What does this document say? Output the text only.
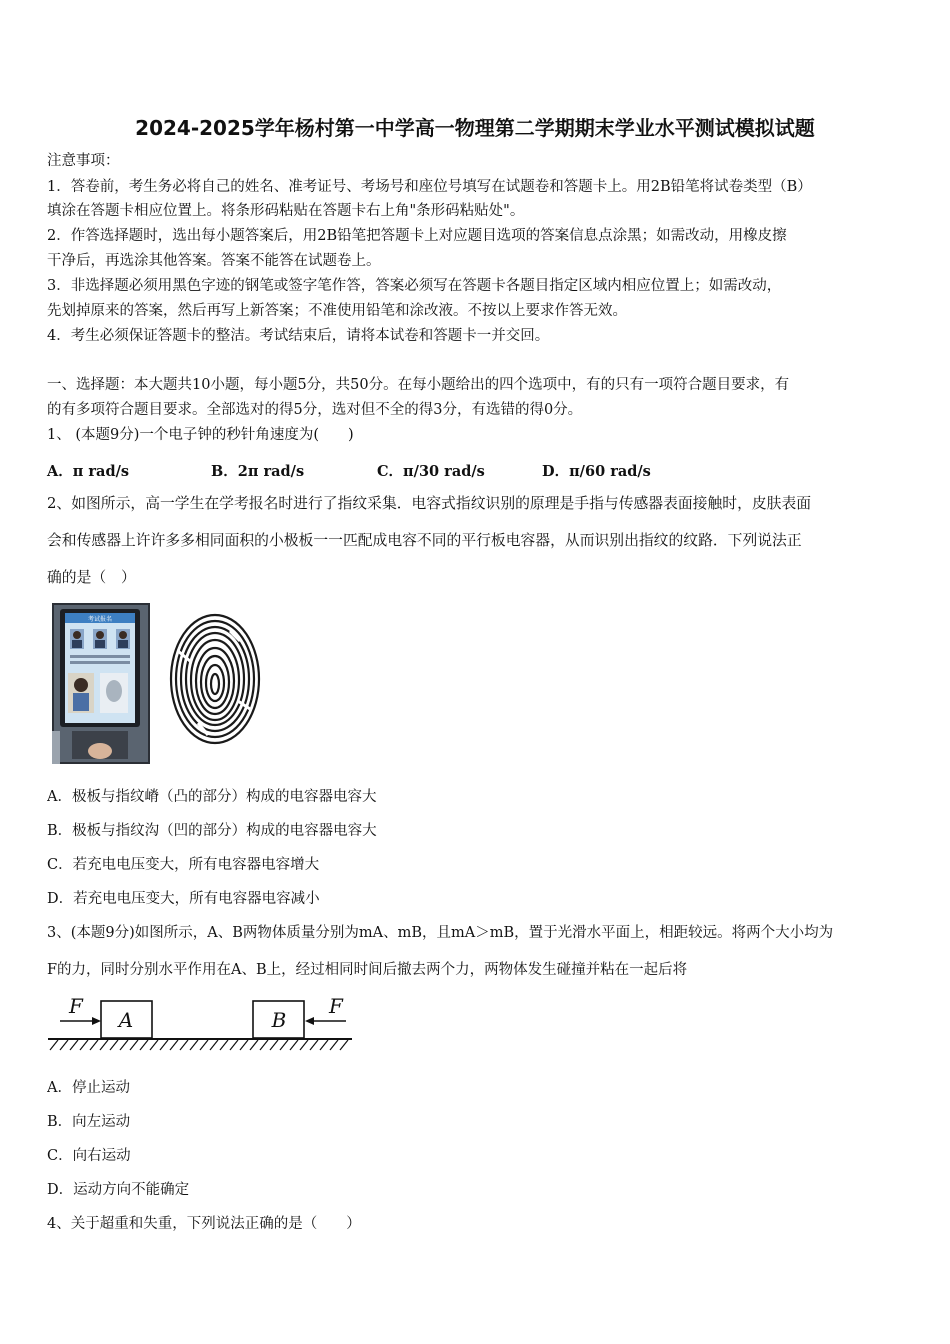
2024-2025学年杨村第一中学高一物理第二学期期末学业水平测试模拟试题
注意事项：
1．答卷前，考生务必将自己的姓名、准考证号、考场号和座位号填写在试题卷和答题卡上。用2B铅笔将试卷类型（B）
填涂在答题卡相应位置上。将条形码粘贴在答题卡右上角"条形码粘贴处"。
2．作答选择题时，选出每小题答案后，用2B铅笔把答题卡上对应题目选项的答案信息点涂黑；如需改动，用橡皮擦
干净后，再选涂其他答案。答案不能答在试题卷上。
3．非选择题必须用黑色字迹的钢笔或签字笔作答，答案必须写在答题卡各题目指定区域内相应位置上；如需改动，
先划掉原来的答案，然后再写上新答案；不准使用铅笔和涂改液。不按以上要求作答无效。
4．考生必须保证答题卡的整洁。考试结束后，请将本试卷和答题卡一并交回。
一、选择题：本大题共10小题，每小题5分，共50分。在每小题给出的四个选项中，有的只有一项符合题目要求，有
的有多项符合题目要求。全部选对的得5分，选对但不全的得3分，有选错的得0分。
1、 (本题9分)一个电子钟的秒针角速度为(　　)
A．π rad/s	B．2π rad/s	C．π/30 rad/s	D．π/60 rad/s
2、如图所示，高一学生在学考报名时进行了指纹采集．电容式指纹识别的原理是手指与传感器表面接触时，皮肤表面
会和传感器上许许多多相同面积的小极板一一匹配成电容不同的平行板电容器，从而识别出指纹的纹路．下列说法正
确的是（　）
考试报名
A．极板与指纹嵴（凸的部分）构成的电容器电容大
B．极板与指纹沟（凹的部分）构成的电容器电容大
C．若充电电压变大，所有电容器电容增大
D．若充电电压变大，所有电容器电容减小
3、(本题9分)如图所示，A、B两物体质量分别为mA、mB，且mA＞mB，置于光滑水平面上，相距较远。将两个大小均为
F的力，同时分别水平作用在A、B上，经过相同时间后撤去两个力，两物体发生碰撞并粘在一起后将
A	B
F	F
A．停止运动
B．向左运动
C．向右运动
D．运动方向不能确定
4、关于超重和失重，下列说法正确的是（　　）
